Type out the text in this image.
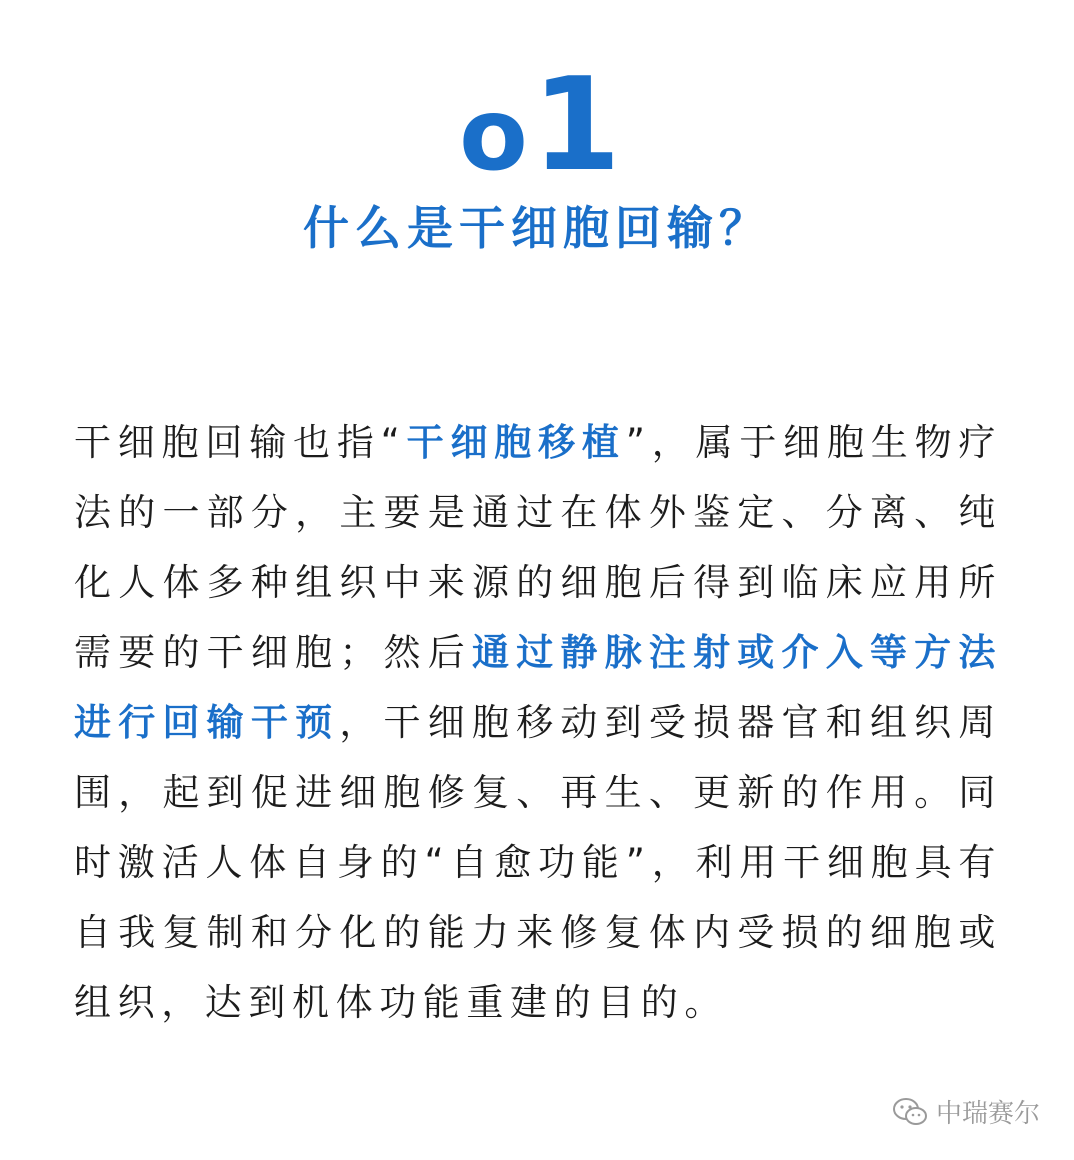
o1
什么是干细胞回输？
干细胞回输也指“干细胞移植”，属于细胞生物疗法的一部分，主要是通过在体外鉴定、分离、纯化人体多种组织中来源的细胞后得到临床应用所需要的干细胞；然后通过静脉注射或介入等方法进行回输干预，干细胞移动到受损器官和组织周围，起到促进细胞修复、再生、更新的作用。同时激活人体自身的“自愈功能”，利用干细胞具有自我复制和分化的能力来修复体内受损的细胞或组织，达到机体功能重建的目的。
中瑞赛尔
